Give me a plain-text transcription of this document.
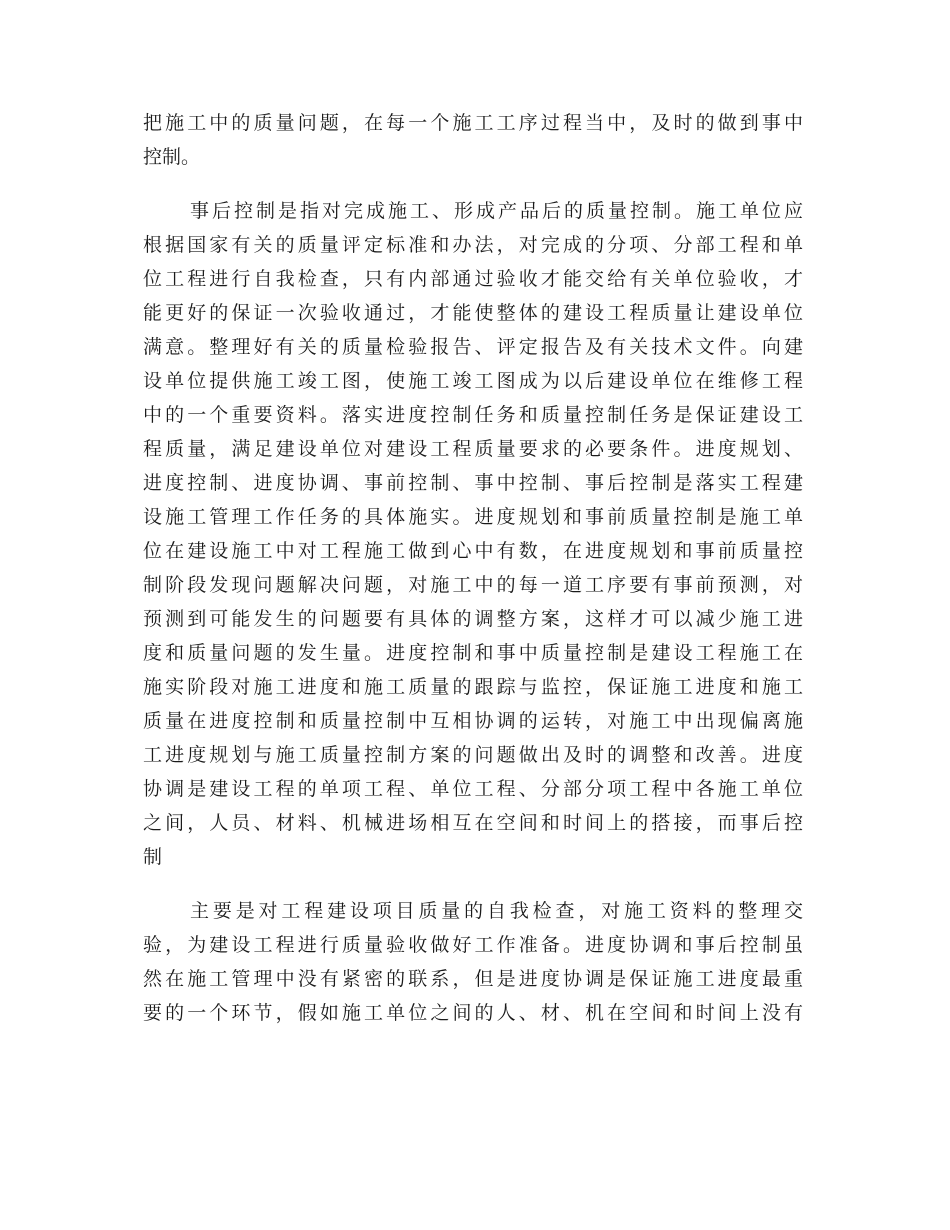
把施工中的质量问题，在每一个施工工序过程当中，及时的做到事中
控制。
事后控制是指对完成施工、形成产品后的质量控制。施工单位应
根据国家有关的质量评定标准和办法，对完成的分项、分部工程和单
位工程进行自我检查，只有内部通过验收才能交给有关单位验收，才
能更好的保证一次验收通过，才能使整体的建设工程质量让建设单位
满意。整理好有关的质量检验报告、评定报告及有关技术文件。向建
设单位提供施工竣工图，使施工竣工图成为以后建设单位在维修工程
中的一个重要资料。落实进度控制任务和质量控制任务是保证建设工
程质量，满足建设单位对建设工程质量要求的必要条件。进度规划、
进度控制、进度协调、事前控制、事中控制、事后控制是落实工程建
设施工管理工作任务的具体施实。进度规划和事前质量控制是施工单
位在建设施工中对工程施工做到心中有数，在进度规划和事前质量控
制阶段发现问题解决问题，对施工中的每一道工序要有事前预测，对
预测到可能发生的问题要有具体的调整方案，这样才可以减少施工进
度和质量问题的发生量。进度控制和事中质量控制是建设工程施工在
施实阶段对施工进度和施工质量的跟踪与监控，保证施工进度和施工
质量在进度控制和质量控制中互相协调的运转，对施工中出现偏离施
工进度规划与施工质量控制方案的问题做出及时的调整和改善。进度
协调是建设工程的单项工程、单位工程、分部分项工程中各施工单位
之间，人员、材料、机械进场相互在空间和时间上的搭接，而事后控
制
主要是对工程建设项目质量的自我检查，对施工资料的整理交
验，为建设工程进行质量验收做好工作准备。进度协调和事后控制虽
然在施工管理中没有紧密的联系，但是进度协调是保证施工进度最重
要的一个环节，假如施工单位之间的人、材、机在空间和时间上没有
